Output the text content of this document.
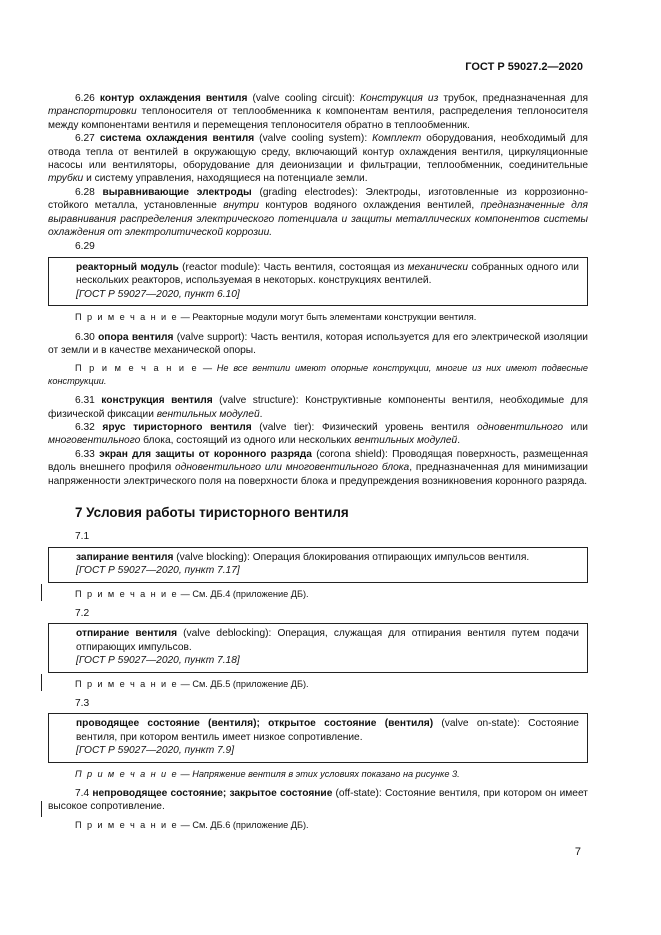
ГОСТ Р 59027.2—2020

6.26 контур охлаждения вентиля (valve cooling circuit): Конструкция из трубок, предназначенная для транспортировки теплоносителя от теплообменника к компонентам вентиля, распределения теплоносителя между компонентами вентиля и перемещения теплоносителя обратно в теплообменник.

6.27 система охлаждения вентиля (valve cooling system): Комплект оборудования, необходимый для отвода тепла от вентилей в окружающую среду, включающий контур охлаждения вентиля, циркуляционные насосы или вентиляторы, оборудование для деионизации и фильтрации, теплообменник, соединительные трубки и систему управления, находящиеся на потенциале земли.

6.28 выравнивающие электроды (grading electrodes): Электроды, изготовленные из коррозионно-стойкого металла, установленные внутри контуров водяного охлаждения вентилей, предназначенные для выравнивания распределения электрического потенциала и защиты металлических компонентов системы охлаждения от электролитической коррозии.

6.29

реакторный модуль (reactor module): Часть вентиля, состоящая из механически собранных одного или нескольких реакторов, используемая в некоторых. конструкциях вентилей.

[ГОСТ Р 59027—2020, пункт 6.10]

П р и м е ч а н и е — Реакторные модули могут быть элементами конструкции вентиля.

6.30 опора вентиля (valve support): Часть вентиля, которая используется для его электрической изоляции от земли и в качестве механической опоры.

П р и м е ч а н и е — Не все вентили имеют опорные конструкции, многие из них имеют подвесные конструкции.

6.31 конструкция вентиля (valve structure): Конструктивные компоненты вентиля, необходимые для физической фиксации вентильных модулей.

6.32 ярус тиристорного вентиля (valve tier): Физический уровень вентиля одновентильного или многовентильного блока, состоящий из одного или нескольких вентильных модулей.

6.33 экран для защиты от коронного разряда (corona shield): Проводящая поверхность, размещенная вдоль внешнего профиля одновентильного или многовентильного блока, предназначенная для минимизации напряженности электрического поля на поверхности блока и предупреждения возникновения коронного разряда.

7 Условия работы тиристорного вентиля

7.1

запирание вентиля (valve blocking): Операция блокирования отпирающих импульсов вентиля.

[ГОСТ Р 59027—2020, пункт 7.17]

П р и м е ч а н и е — См. ДБ.4 (приложение ДБ).

7.2

отпирание вентиля (valve deblocking): Операция, служащая для отпирания вентиля путем подачи отпирающих импульсов.

[ГОСТ Р 59027—2020, пункт 7.18]

П р и м е ч а н и е — См. ДБ.5 (приложение ДБ).

7.3

проводящее состояние (вентиля); открытое состояние (вентиля) (valve on-state): Состояние вентиля, при котором вентиль имеет низкое сопротивление.

[ГОСТ Р 59027—2020, пункт 7.9]

П р и м е ч а н и е — Напряжение вентиля в этих условиях показано на рисунке 3.

7.4 непроводящее состояние; закрытое состояние (off-state): Состояние вентиля, при котором он имеет высокое сопротивление.

П р и м е ч а н и е — См. ДБ.6 (приложение ДБ).

7
